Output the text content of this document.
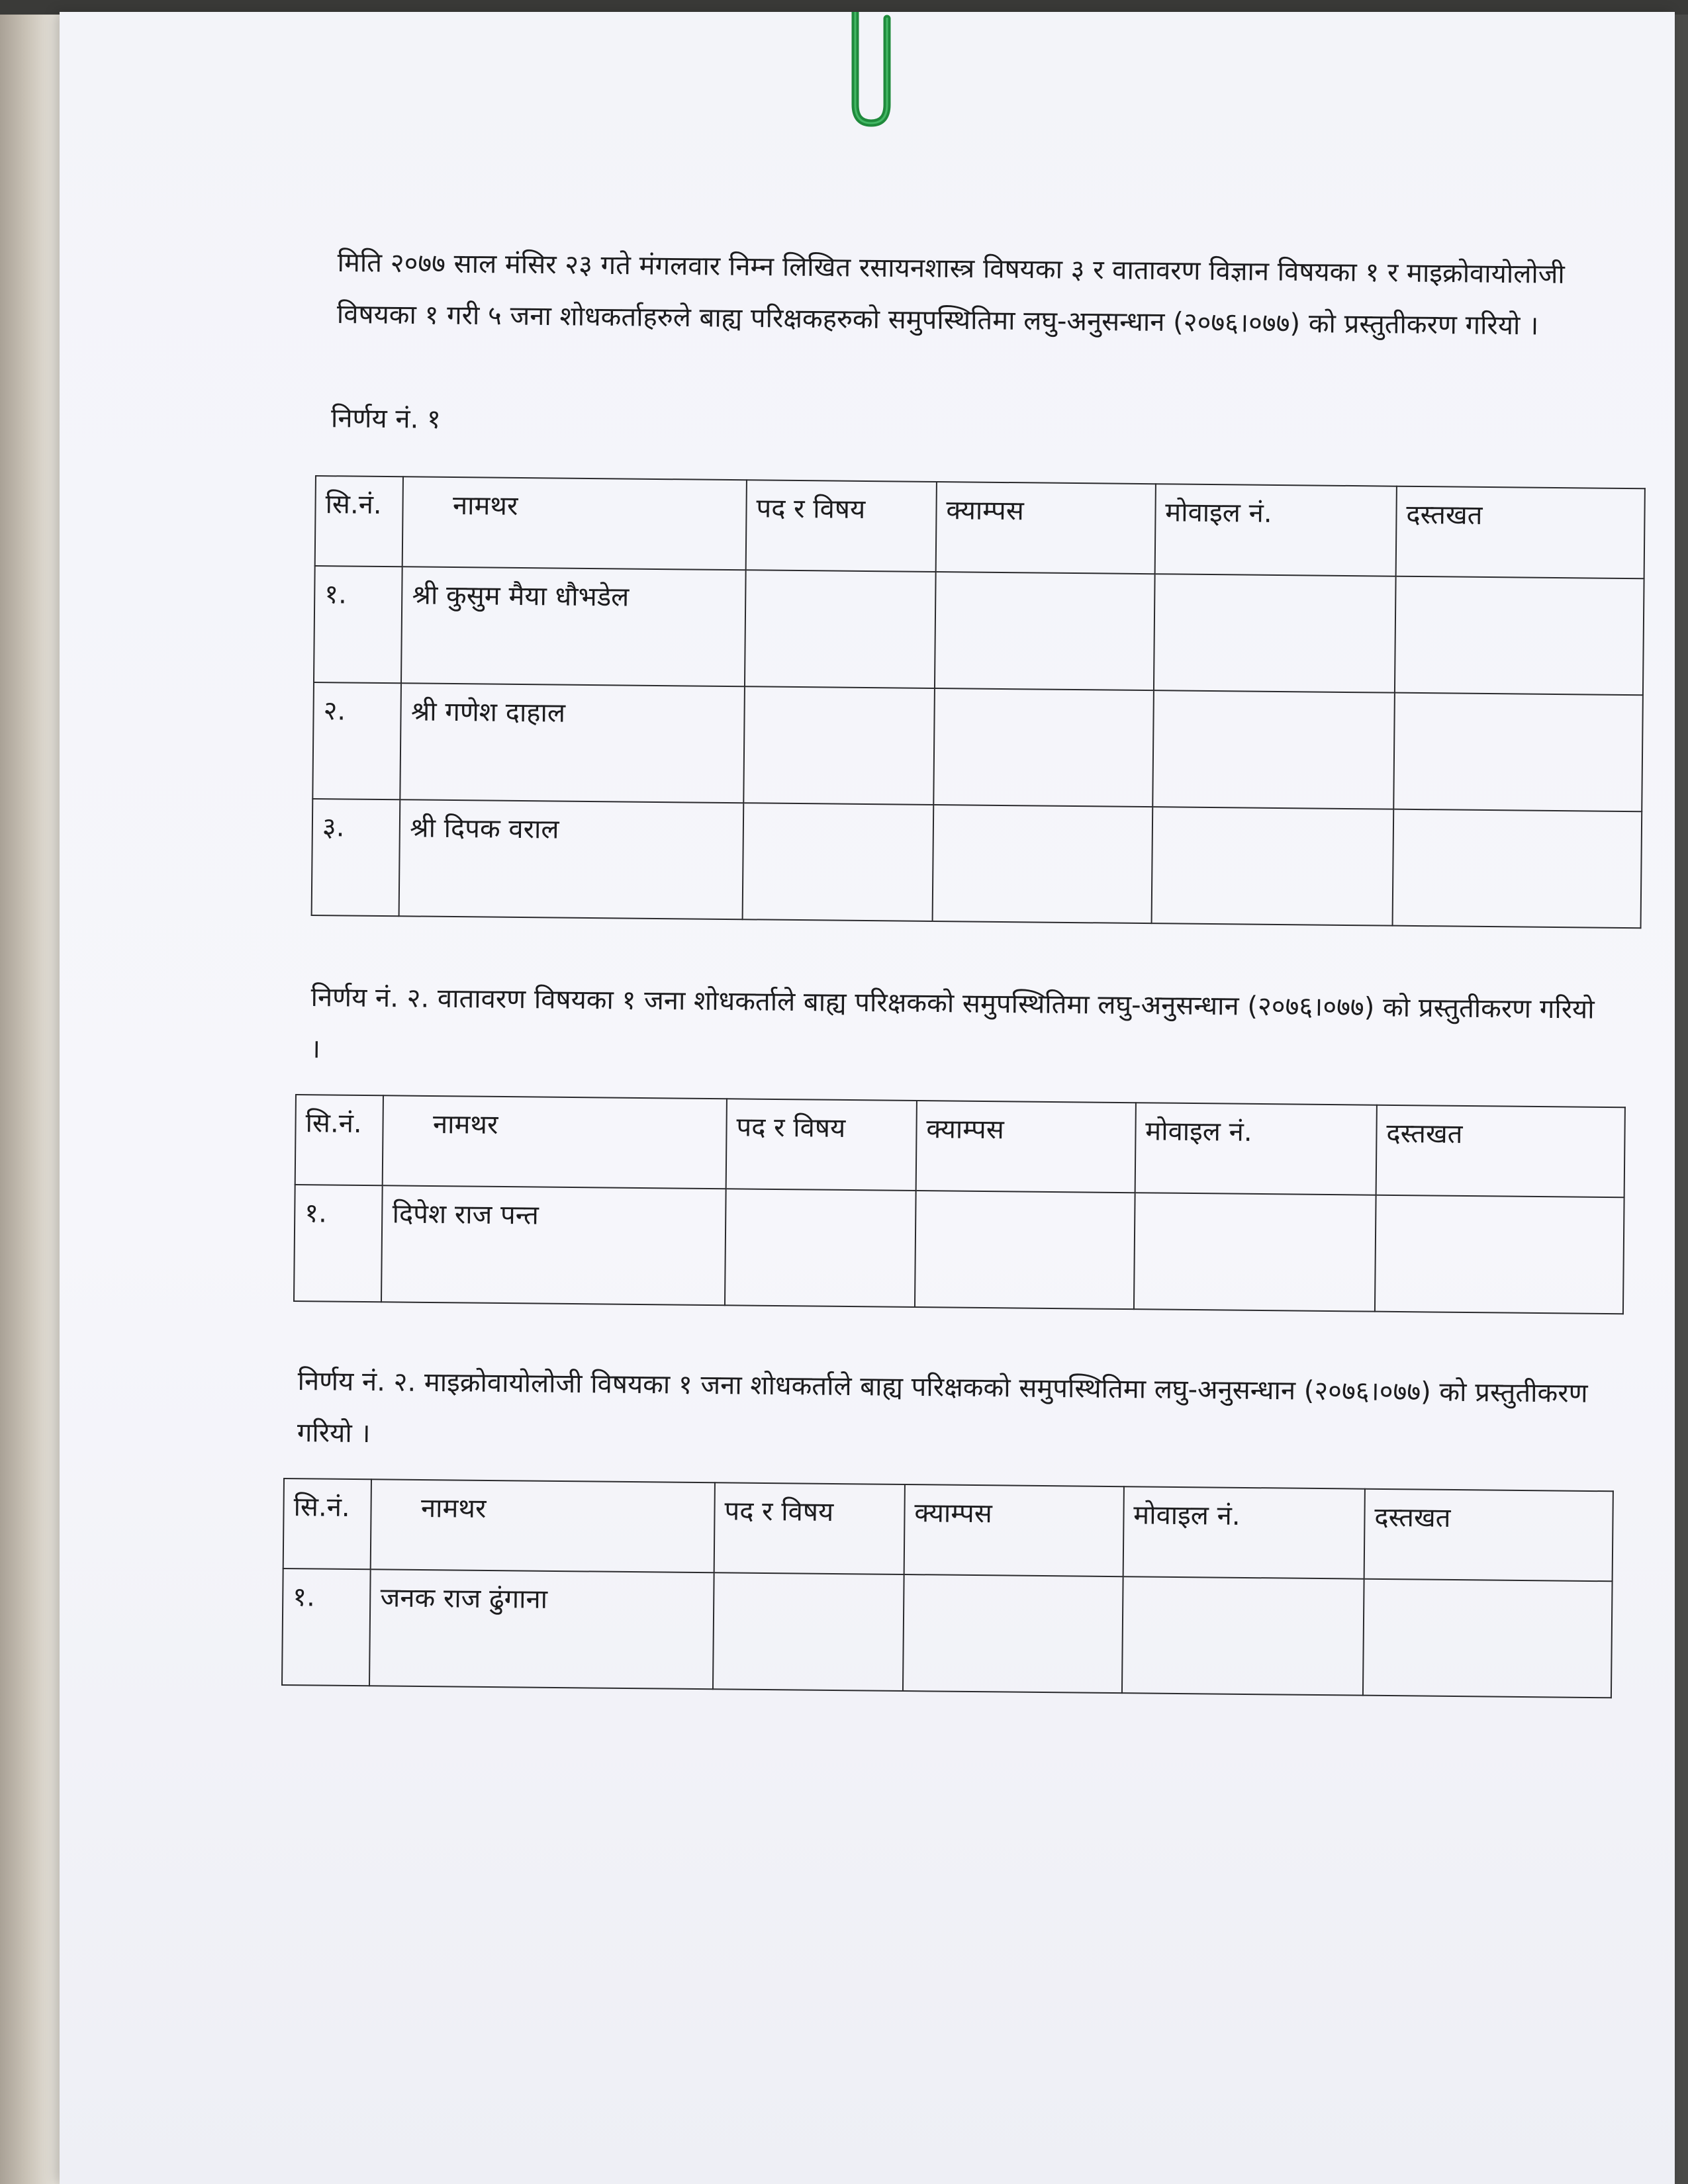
मिति २०७७ साल मंसिर २३ गते मंगलवार निम्न लिखित रसायनशास्त्र विषयका ३ र वातावरण विज्ञान विषयका १ र माइक्रोवायोलोजी विषयका १ गरी ५ जना शोधकर्ताहरुले बाह्य परिक्षकहरुको समुपस्थितिमा लघु-अनुसन्धान (२०७६।०७७) को प्रस्तुतीकरण गरियो ।

निर्णय नं. १
सि.नं.	नामथर	पद र विषय	क्याम्पस	मोवाइल नं.	दस्तखत
१.	श्री कुसुम मैया धौभडेल				
२.	श्री गणेश दाहाल				
३.	श्री दिपक वराल				

निर्णय नं. २. वातावरण विषयका १ जना शोधकर्ताले बाह्य परिक्षकको समुपस्थितिमा लघु-अनुसन्धान (२०७६।०७७) को प्रस्तुतीकरण गरियो ।

सि.नं.	नामथर	पद र विषय	क्याम्पस	मोवाइल नं.	दस्तखत
१.	दिपेश राज पन्त				

निर्णय नं. २. माइक्रोवायोलोजी विषयका १ जना शोधकर्ताले बाह्य परिक्षकको समुपस्थितिमा लघु-अनुसन्धान (२०७६।०७७) को प्रस्तुतीकरण गरियो ।

सि.नं.	नामथर	पद र विषय	क्याम्पस	मोवाइल नं.	दस्तखत
१.	जनक राज ढुंगाना				
